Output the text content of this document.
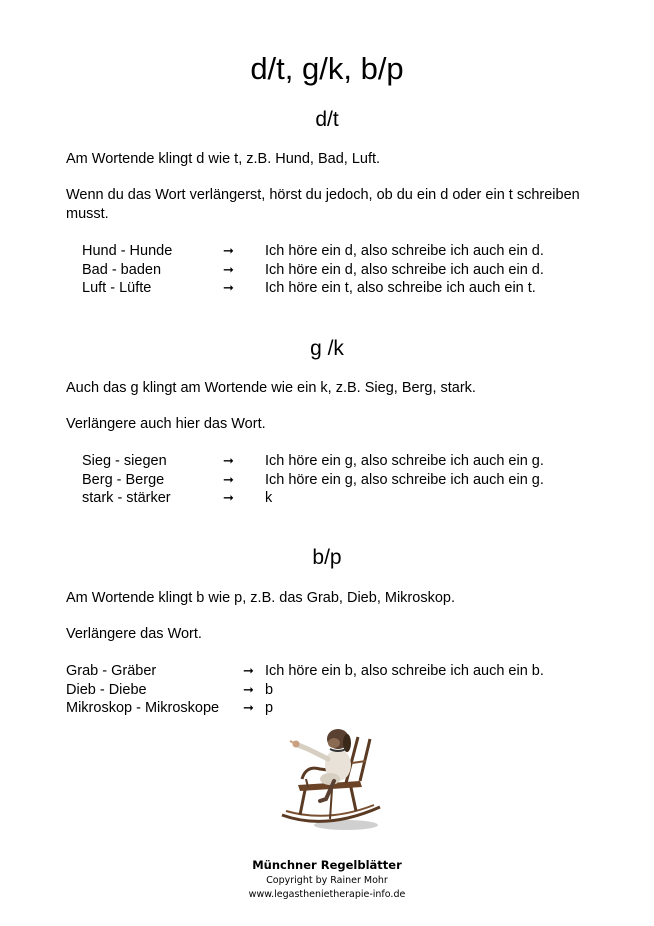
d/t, g/k, b/p
d/t
Am Wortende klingt d wie t, z.B. Hund, Bad, Luft.
Wenn du das Wort verlängerst, hörst du jedoch, ob du ein d oder ein t schreiben musst.
Hund - Hunde	➞ Ich höre ein d, also schreibe ich auch ein d.
Bad - baden	➞ Ich höre ein d, also schreibe ich auch ein d.
Luft - Lüfte	➞ Ich höre ein t, also schreibe ich auch ein t.
g /k
Auch das g klingt am Wortende wie ein k, z.B. Sieg, Berg, stark.
Verlängere auch hier das Wort.
Sieg - siegen	➞ Ich höre ein g, also schreibe ich auch ein g.
Berg - Berge	➞ Ich höre ein g, also schreibe ich auch ein g.
stark - stärker	➞ k
b/p
Am Wortende klingt b wie p, z.B. das Grab, Dieb, Mikroskop.
Verlängere das Wort.
Grab - Gräber	➞ Ich höre ein b, also schreibe ich auch ein b.
Dieb - Diebe	➞ b
Mikroskop - Mikroskope ➞ p
Münchner Regelblätter
Copyright by Rainer Mohr
www.legasthenietherapie-info.de
